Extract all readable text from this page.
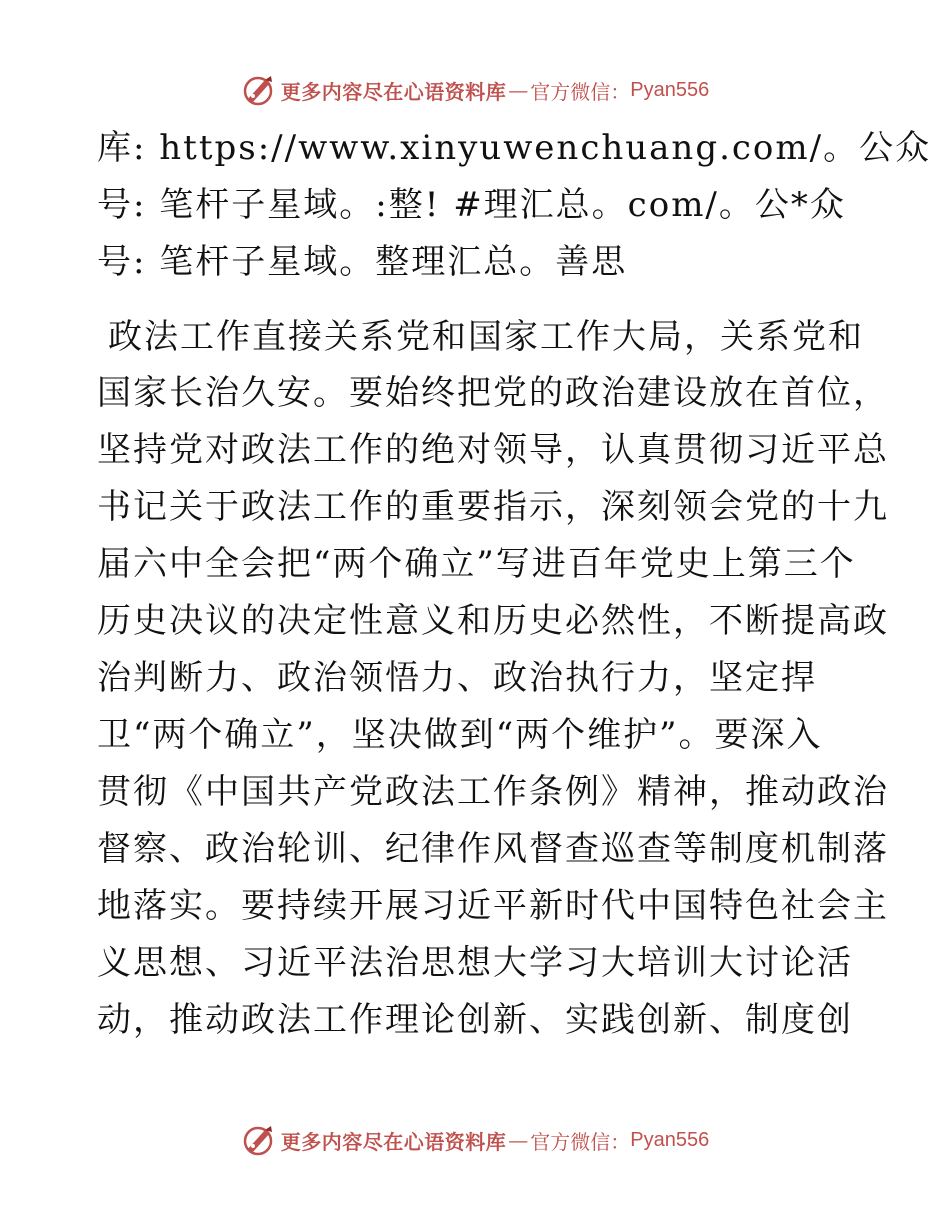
更多内容尽在心语资料库 — 官方微信： Pyan556
库: https://www.xinyuwenchuang.com/。公众
号: 笔杆子星域。:整! #理汇总。com/。公*众
号: 笔杆子星域。整理汇总。善思
政法工作直接关系党和国家工作大局，关系党和
国家长治久安。要始终把党的政治建设放在首位，
坚持党对政法工作的绝对领导，认真贯彻习近平总
书记关于政法工作的重要指示，深刻领会党的十九
届六中全会把“两个确立”写进百年党史上第三个
历史决议的决定性意义和历史必然性，不断提高政
治判断力、政治领悟力、政治执行力，坚定捍
卫“两个确立”，坚决做到“两个维护”。要深入
贯彻《中国共产党政法工作条例》精神，推动政治
督察、政治轮训、纪律作风督查巡查等制度机制落
地落实。要持续开展习近平新时代中国特色社会主
义思想、习近平法治思想大学习大培训大讨论活
动，推动政法工作理论创新、实践创新、制度创
更多内容尽在心语资料库 — 官方微信： Pyan556
